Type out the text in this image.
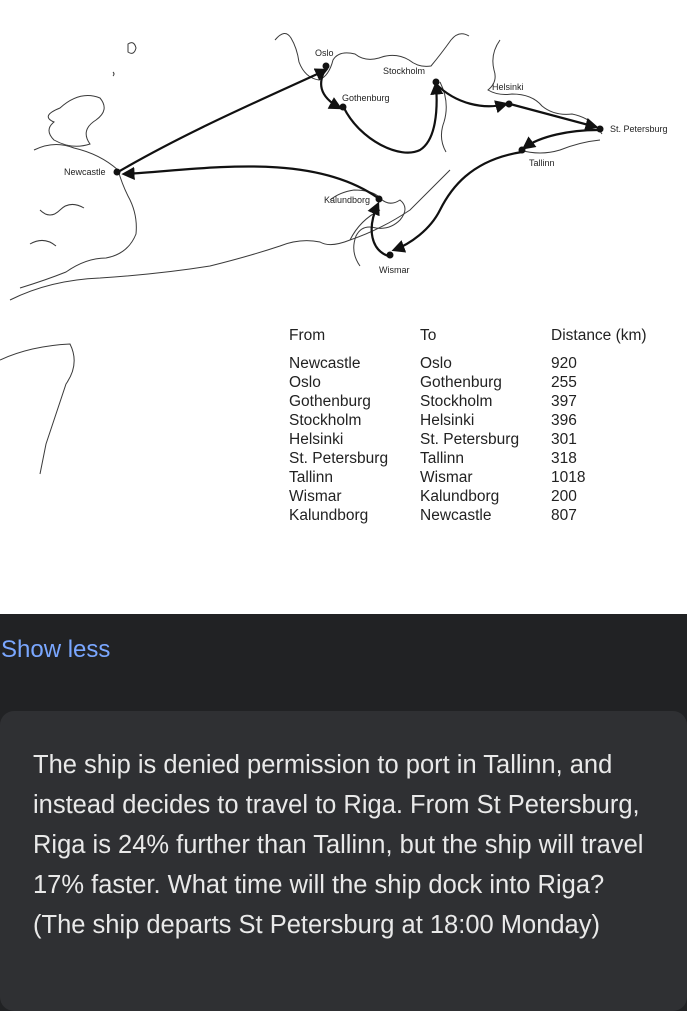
Oslo
Stockholm
Gothenburg
Helsinki
St. Petersburg
Tallinn
Newcastle
Kalundborg
Wismar
From	To	Distance (km)
Newcastle	Oslo	920
Oslo	Gothenburg	255
Gothenburg	Stockholm	397
Stockholm	Helsinki	396
Helsinki	St. Petersburg	301
St. Petersburg	Tallinn	318
Tallinn	Wismar	1018
Wismar	Kalundborg	200
Kalundborg	Newcastle	807
Show less
The ship is denied permission to port in Tallinn, and instead decides to travel to Riga. From St Petersburg, Riga is 24% further than Tallinn, but the ship will travel 17% faster. What time will the ship dock into Riga? (The ship departs St Petersburg at 18:00 Monday)
